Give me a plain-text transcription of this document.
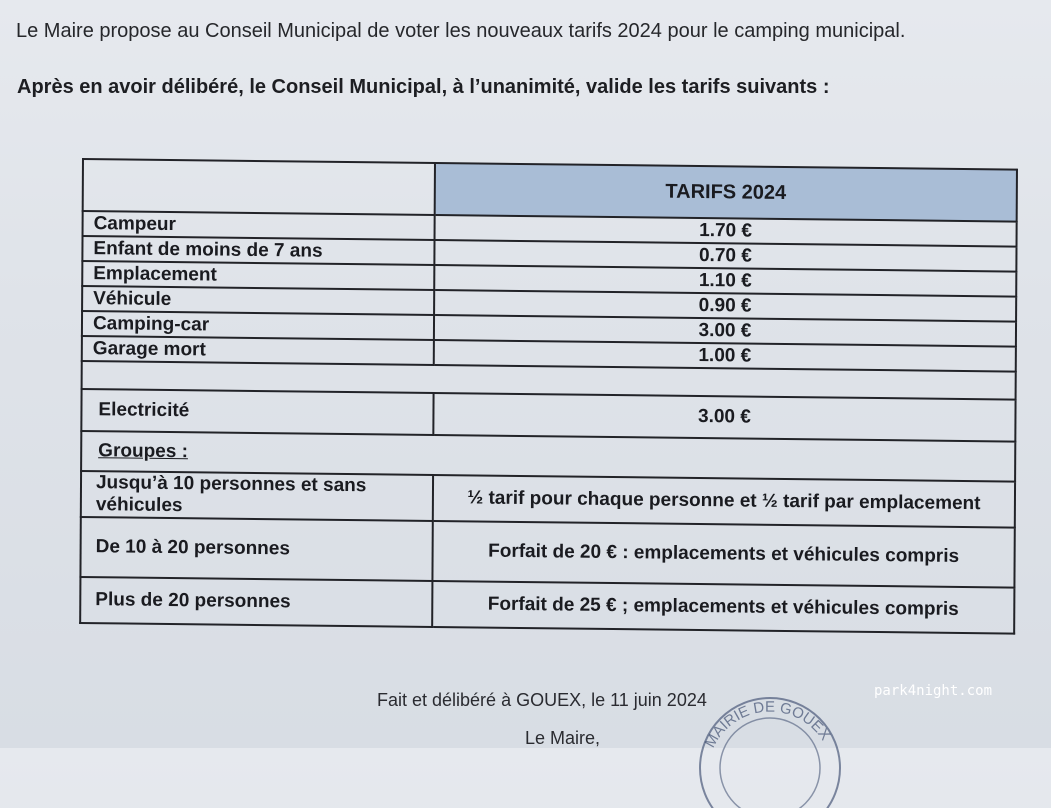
Le Maire propose au Conseil Municipal de voter les nouveaux tarifs 2024 pour le camping municipal.
Après en avoir délibéré, le Conseil Municipal, à l’unanimité, valide les tarifs suivants :
	TARIFS 2024
Campeur	1.70 €
Enfant de moins de 7 ans	0.70 €
Emplacement	1.10 €
Véhicule	0.90 €
Camping-car	3.00 €
Garage mort	1.00 €

Electricité	3.00 €
Groupes :	
Jusqu’à 10 personnes et sans véhicules	½ tarif pour chaque personne et ½ tarif par emplacement
De 10 à 20 personnes	Forfait de 20 € : emplacements et véhicules compris
Plus de 20 personnes	Forfait de 25 € ; emplacements et véhicules compris
Fait et délibéré à GOUEX, le 11 juin 2024
Le Maire,	MAIRIE DE GOUEX
park4night.com
